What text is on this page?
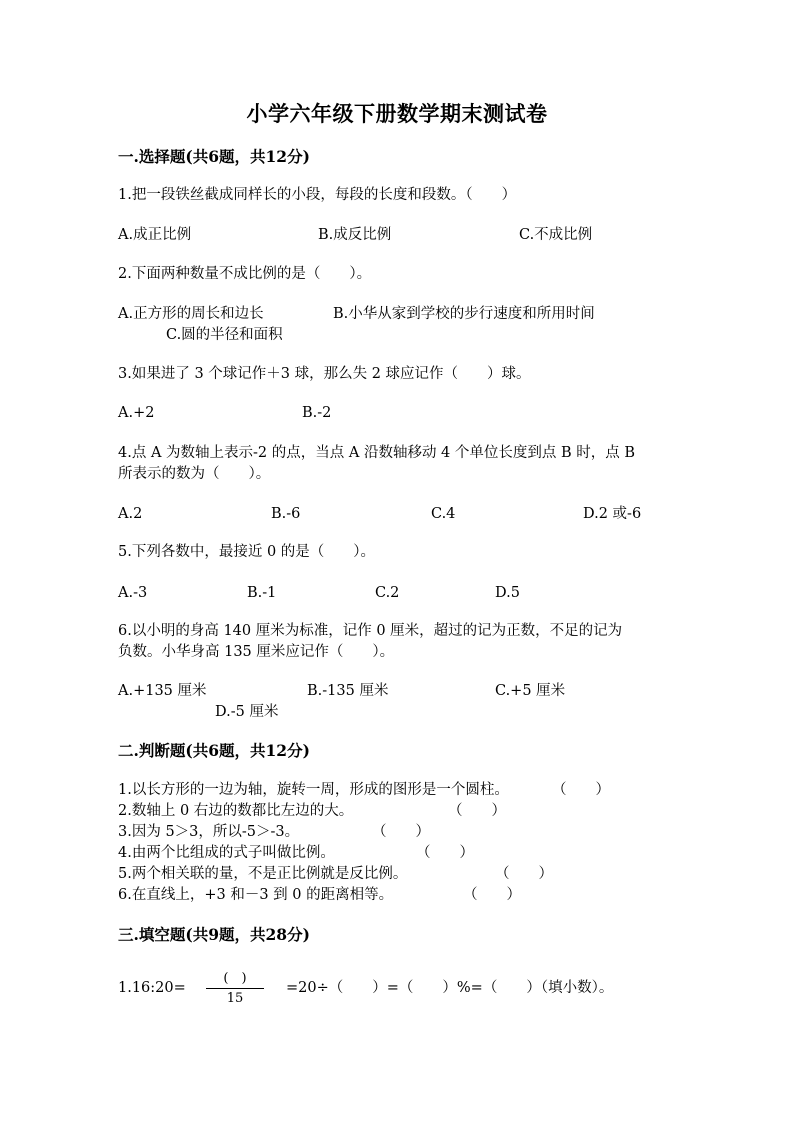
小学六年级下册数学期末测试卷
一.选择题(共6题，共12分)
1.把一段铁丝截成同样长的小段，每段的长度和段数。（　　）
A.成正比例	B.成反比例	C.不成比例
2.下面两种数量不成比例的是（　　）。
A.正方形的周长和边长	B.小华从家到学校的步行速度和所用时间
C.圆的半径和面积
3.如果进了 3 个球记作＋3 球，那么失 2 球应记作（　　）球。
A.+2	B.-2
4.点 A 为数轴上表示-2 的点，当点 A 沿数轴移动 4 个单位长度到点 B 时，点 B
所表示的数为（　　）。
A.2	B.-6	C.4	D.2 或-6
5.下列各数中，最接近 0 的是（　　）。
A.-3	B.-1	C.2	D.5
6.以小明的身高 140 厘米为标准，记作 0 厘米，超过的记为正数，不足的记为
负数。小华身高 135 厘米应记作（　　）。
A.+135 厘米	B.-135 厘米	C.+5 厘米
D.-5 厘米
二.判断题(共6题，共12分)
1.以长方形的一边为轴，旋转一周，形成的图形是一个圆柱。	（　　）
2.数轴上 0 右边的数都比左边的大。	（　　）
3.因为 5＞3，所以-5＞-3。	（　　）
4.由两个比组成的式子叫做比例。	（　　）
5.两个相关联的量，不是正比例就是反比例。	（　　）
6.在直线上，+3 和－3 到 0 的距离相等。	（　　）
三.填空题(共9题，共28分)
1.16:20=
(　)
15
=20÷（　　）=（　　）%=（　　）（填小数）。
